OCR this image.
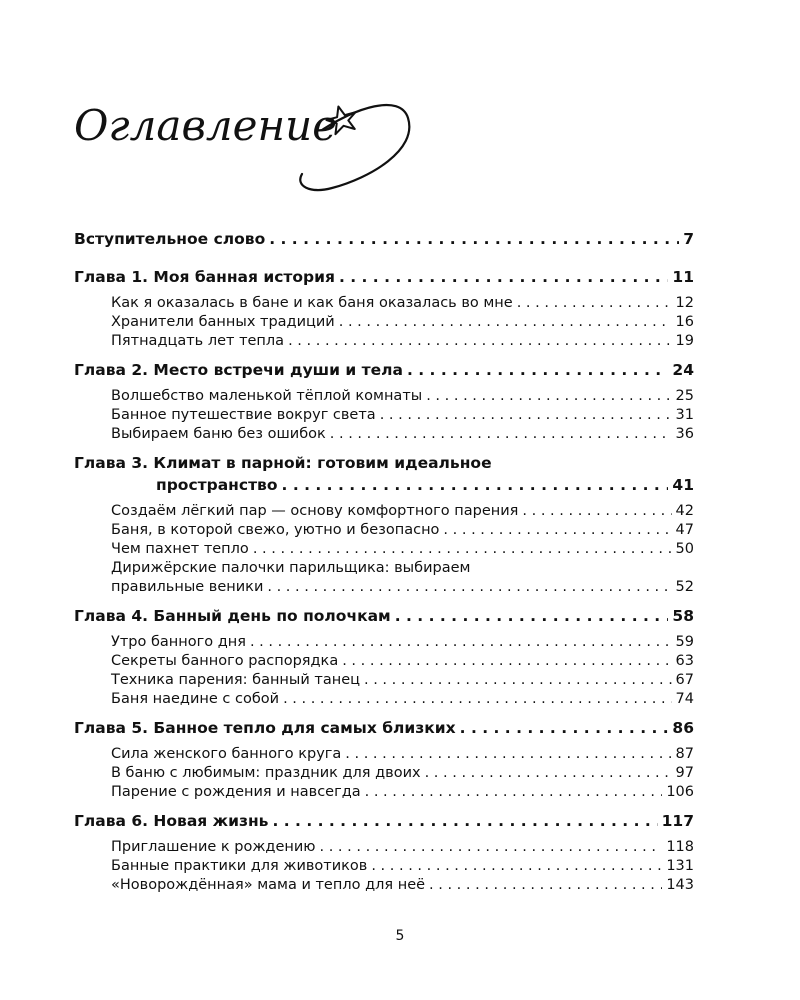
Оглавление
Вступительное слово . . .	7
Глава 1. Моя банная история . . .	11
Как я оказалась в бане и как баня оказалась во мне . . .	12
Хранители банных традиций . . .	16
Пятнадцать лет тепла . . .	19
Глава 2. Место встречи души и тела . . .	24
Волшебство маленькой тёплой комнаты . . .	25
Банное путешествие вокруг света . . .	31
Выбираем баню без ошибок . . .	36
Глава 3. Климат в парной: готовим идеальное
пространство . . .	41
Создаём лёгкий пар — основу комфортного парения . . .	42
Баня, в которой свежо, уютно и безопасно . . .	47
Чем пахнет тепло . . .	50
Дирижёрские палочки парильщика: выбираем
правильные веники . . .	52
Глава 4. Банный день по полочкам . . .	58
Утро банного дня . . .	59
Секреты банного распорядка . . .	63
Техника парения: банный танец . . .	67
Баня наедине с собой . . .	74
Глава 5. Банное тепло для самых близких . . .	86
Сила женского банного круга . . .	87
В баню с любимым: праздник для двоих . . .	97
Парение с рождения и навсегда . . .	106
Глава 6. Новая жизнь . . .	117
Приглашение к рождению . . .	118
Банные практики для животиков . . .	131
«Новорождённая» мама и тепло для неё . . .	143
5
